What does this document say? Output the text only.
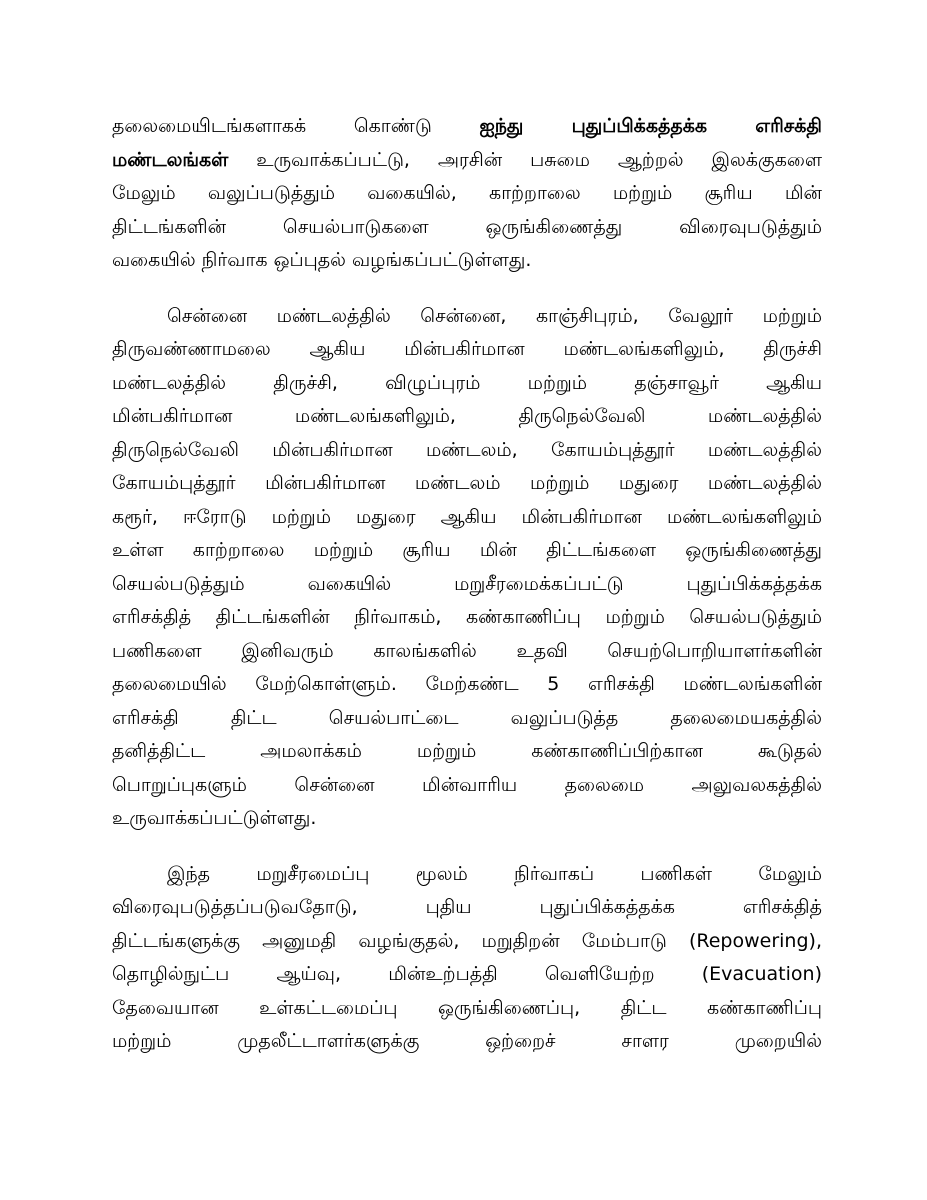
தலைமையிடங்களாகக் கொண்டு ஐந்து புதுப்பிக்கத்தக்க எரிசக்தி
மண்டலங்கள் உருவாக்கப்பட்டு, அரசின் பசுமை ஆற்றல் இலக்குகளை
மேலும் வலுப்படுத்தும் வகையில், காற்றாலை மற்றும் சூரிய மின்
திட்டங்களின் செயல்பாடுகளை ஒருங்கிணைத்து விரைவுபடுத்தும்
வகையில் நிர்வாக ஒப்புதல் வழங்கப்பட்டுள்ளது.
சென்னை மண்டலத்தில் சென்னை, காஞ்சிபுரம், வேலூர் மற்றும்
திருவண்ணாமலை ஆகிய மின்பகிர்மான மண்டலங்களிலும், திருச்சி
மண்டலத்தில் திருச்சி, விழுப்புரம் மற்றும் தஞ்சாவூர் ஆகிய
மின்பகிர்மான மண்டலங்களிலும், திருநெல்வேலி மண்டலத்தில்
திருநெல்வேலி மின்பகிர்மான மண்டலம், கோயம்புத்தூர் மண்டலத்தில்
கோயம்புத்தூர் மின்பகிர்மான மண்டலம் மற்றும் மதுரை மண்டலத்தில்
கரூர், ஈரோடு மற்றும் மதுரை ஆகிய மின்பகிர்மான மண்டலங்களிலும்
உள்ள காற்றாலை மற்றும் சூரிய மின் திட்டங்களை ஒருங்கிணைத்து
செயல்படுத்தும் வகையில் மறுசீரமைக்கப்பட்டு புதுப்பிக்கத்தக்க
எரிசக்தித் திட்டங்களின் நிர்வாகம், கண்காணிப்பு மற்றும் செயல்படுத்தும்
பணிகளை இனிவரும் காலங்களில் உதவி செயற்பொறியாளர்களின்
தலைமையில் மேற்கொள்ளும். மேற்கண்ட 5 எரிசக்தி மண்டலங்களின்
எரிசக்தி திட்ட செயல்பாட்டை வலுப்படுத்த தலைமையகத்தில்
தனித்திட்ட அமலாக்கம் மற்றும் கண்காணிப்பிற்கான கூடுதல்
பொறுப்புகளும் சென்னை மின்வாரிய தலைமை அலுவலகத்தில்
உருவாக்கப்பட்டுள்ளது.
இந்த மறுசீரமைப்பு மூலம் நிர்வாகப் பணிகள் மேலும்
விரைவுபடுத்தப்படுவதோடு, புதிய புதுப்பிக்கத்தக்க எரிசக்தித்
திட்டங்களுக்கு அனுமதி வழங்குதல், மறுதிறன் மேம்பாடு (Repowering),
தொழில்நுட்ப ஆய்வு, மின்உற்பத்தி வெளியேற்ற (Evacuation)
தேவையான உள்கட்டமைப்பு ஒருங்கிணைப்பு, திட்ட கண்காணிப்பு
மற்றும் முதலீட்டாளர்களுக்கு ஒற்றைச் சாளர முறையில்
